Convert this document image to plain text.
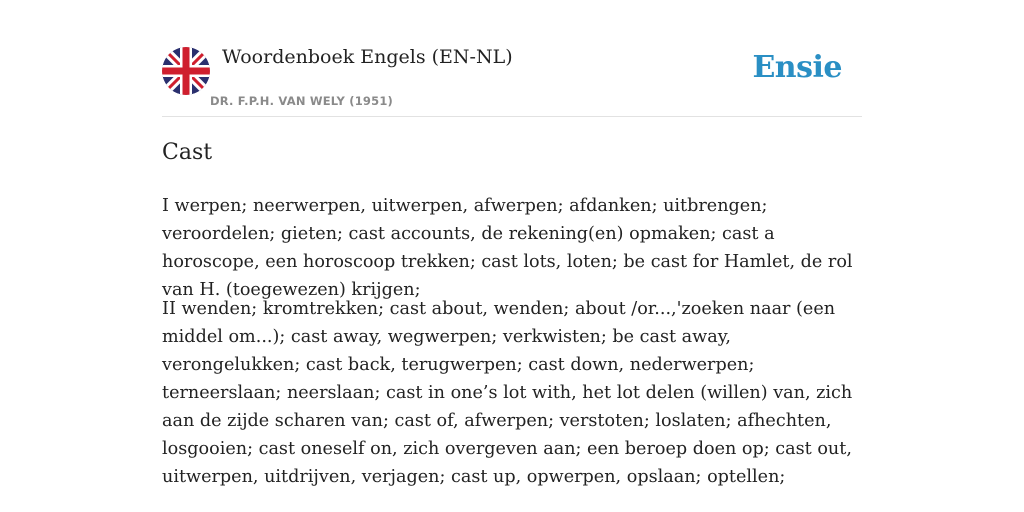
Woordenboek Engels (EN-NL)
DR. F.P.H. VAN WELY (1951)
Ensie
Cast

I werpen; neerwerpen, uitwerpen, afwerpen; afdanken; uitbrengen; veroordelen; gieten; cast accounts, de rekening(en) opmaken; cast a horoscope, een horoscoop trekken; cast lots, loten; be cast for Hamlet, de rol van H. (toegewezen) krijgen;

II wenden; kromtrekken; cast about, wenden; about /or...,'zoeken naar (een middel om...); cast away, wegwerpen; verkwisten; be cast away, verongelukken; cast back, terugwerpen; cast down, nederwerpen; terneerslaan; neerslaan; cast in one’s lot with, het lot delen (willen) van, zich aan de zijde scharen van; cast of, afwerpen; verstoten; loslaten; afhechten, losgooien; cast oneself on, zich overgeven aan; een beroep doen op; cast out, uitwerpen, uitdrijven, verjagen; cast up, opwerpen, opslaan; optellen;
